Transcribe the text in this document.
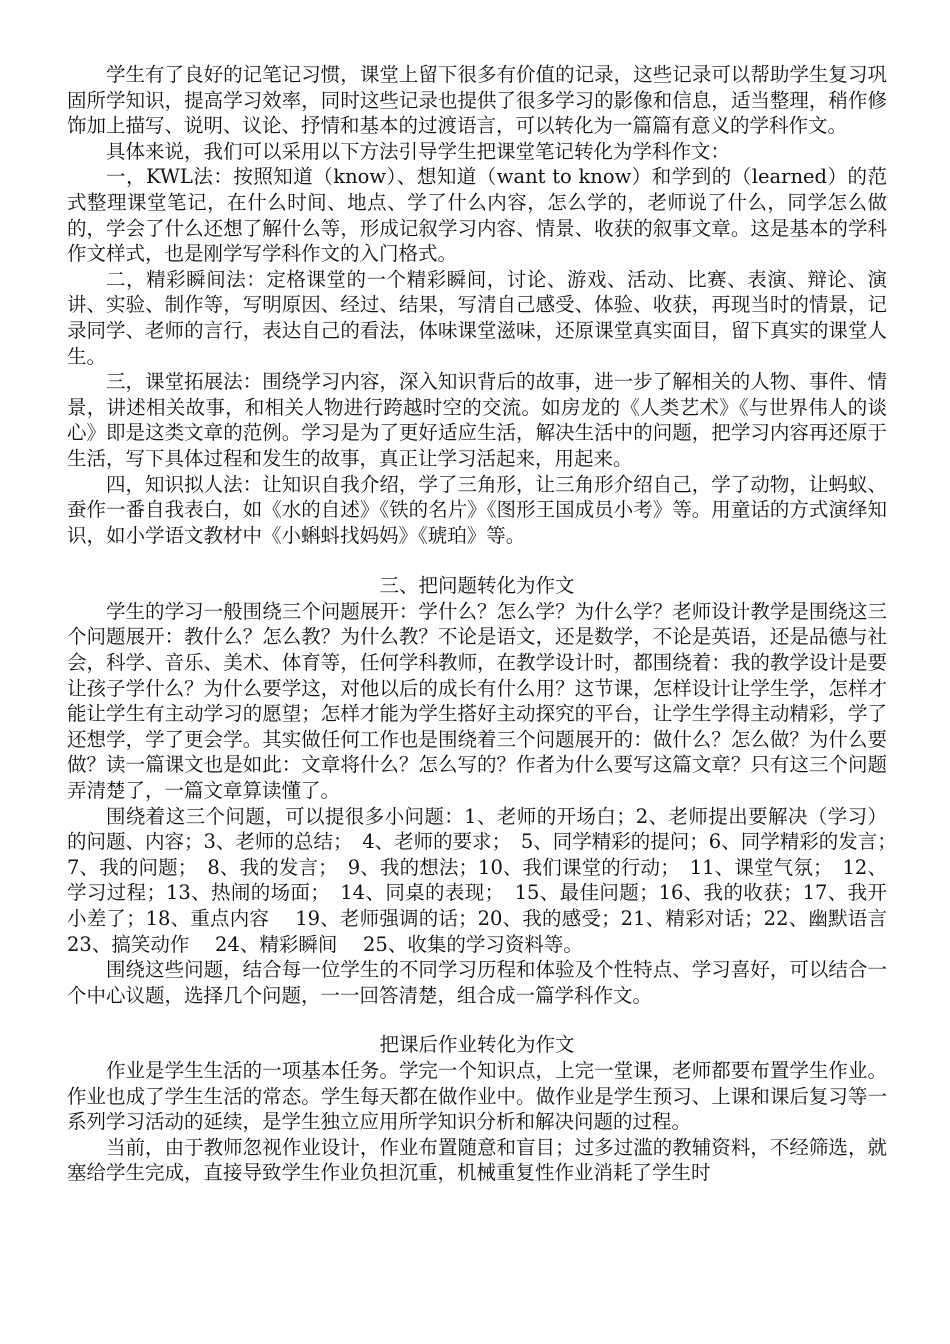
学生有了良好的记笔记习惯，课堂上留下很多有价值的记录，这些记录可以帮助学生复习巩固所学知识，提高学习效率，同时这些记录也提供了很多学习的影像和信息，适当整理，稍作修饰加上描写、说明、议论、抒情和基本的过渡语言，可以转化为一篇篇有意义的学科作文。

具体来说，我们可以采用以下方法引导学生把课堂笔记转化为学科作文：

一，KWL法：按照知道（know）、想知道（want to know）和学到的（learned）的范式整理课堂笔记，在什么时间、地点、学了什么内容，怎么学的，老师说了什么，同学怎么做的，学会了什么还想了解什么等，形成记叙学习内容、情景、收获的叙事文章。这是基本的学科作文样式，也是刚学写学科作文的入门格式。

二，精彩瞬间法：定格课堂的一个精彩瞬间，讨论、游戏、活动、比赛、表演、辩论、演讲、实验、制作等，写明原因、经过、结果，写清自己感受、体验、收获，再现当时的情景，记录同学、老师的言行，表达自己的看法，体味课堂滋味，还原课堂真实面目，留下真实的课堂人生。

三，课堂拓展法：围绕学习内容，深入知识背后的故事，进一步了解相关的人物、事件、情景，讲述相关故事，和相关人物进行跨越时空的交流。如房龙的《人类艺术》《与世界伟人的谈心》即是这类文章的范例。学习是为了更好适应生活，解决生活中的问题，把学习内容再还原于生活，写下具体过程和发生的故事，真正让学习活起来，用起来。

四，知识拟人法：让知识自我介绍，学了三角形，让三角形介绍自己，学了动物，让蚂蚁、蚕作一番自我表白，如《水的自述》《铁的名片》《图形王国成员小考》等。用童话的方式演绎知识，如小学语文教材中《小蝌蚪找妈妈》《琥珀》等。

三、把问题转化为作文

学生的学习一般围绕三个问题展开：学什么？怎么学？为什么学？老师设计教学是围绕这三个问题展开：教什么？怎么教？为什么教？不论是语文，还是数学，不论是英语，还是品德与社会，科学、音乐、美术、体育等，任何学科教师，在教学设计时，都围绕着：我的教学设计是要让孩子学什么？为什么要学这，对他以后的成长有什么用？这节课，怎样设计让学生学，怎样才能让学生有主动学习的愿望；怎样才能为学生搭好主动探究的平台，让学生学得主动精彩，学了还想学，学了更会学。其实做任何工作也是围绕着三个问题展开的：做什么？怎么做？为什么要做？读一篇课文也是如此：文章将什么？怎么写的？作者为什么要写这篇文章？只有这三个问题弄清楚了，一篇文章算读懂了。

围绕着这三个问题，可以提很多小问题：1、老师的开场白；2、老师提出要解决（学习）的问题、内容；3、老师的总结；　4、老师的要求；　5、同学精彩的提问；6、同学精彩的发言；　7、我的问题；　8、我的发言；　9、我的想法；10、我们课堂的行动；　11、课堂气氛；　12、学习过程；13、热闹的场面；　14、同桌的表现；　15、最佳问题；16、我的收获；17、我开小差了；18、重点内容　 19、老师强调的话；20、我的感受；21、精彩对话；22、幽默语言　 23、搞笑动作　 24、精彩瞬间　 25、收集的学习资料等。

围绕这些问题，结合每一位学生的不同学习历程和体验及个性特点、学习喜好，可以结合一个中心议题，选择几个问题，一一回答清楚，组合成一篇学科作文。

把课后作业转化为作文

作业是学生生活的一项基本任务。学完一个知识点，上完一堂课，老师都要布置学生作业。作业也成了学生生活的常态。学生每天都在做作业中。做作业是学生预习、上课和课后复习等一系列学习活动的延续，是学生独立应用所学知识分析和解决问题的过程。

当前，由于教师忽视作业设计，作业布置随意和盲目；过多过滥的教辅资料，不经筛选，就塞给学生完成，直接导致学生作业负担沉重，机械重复性作业消耗了学生时
